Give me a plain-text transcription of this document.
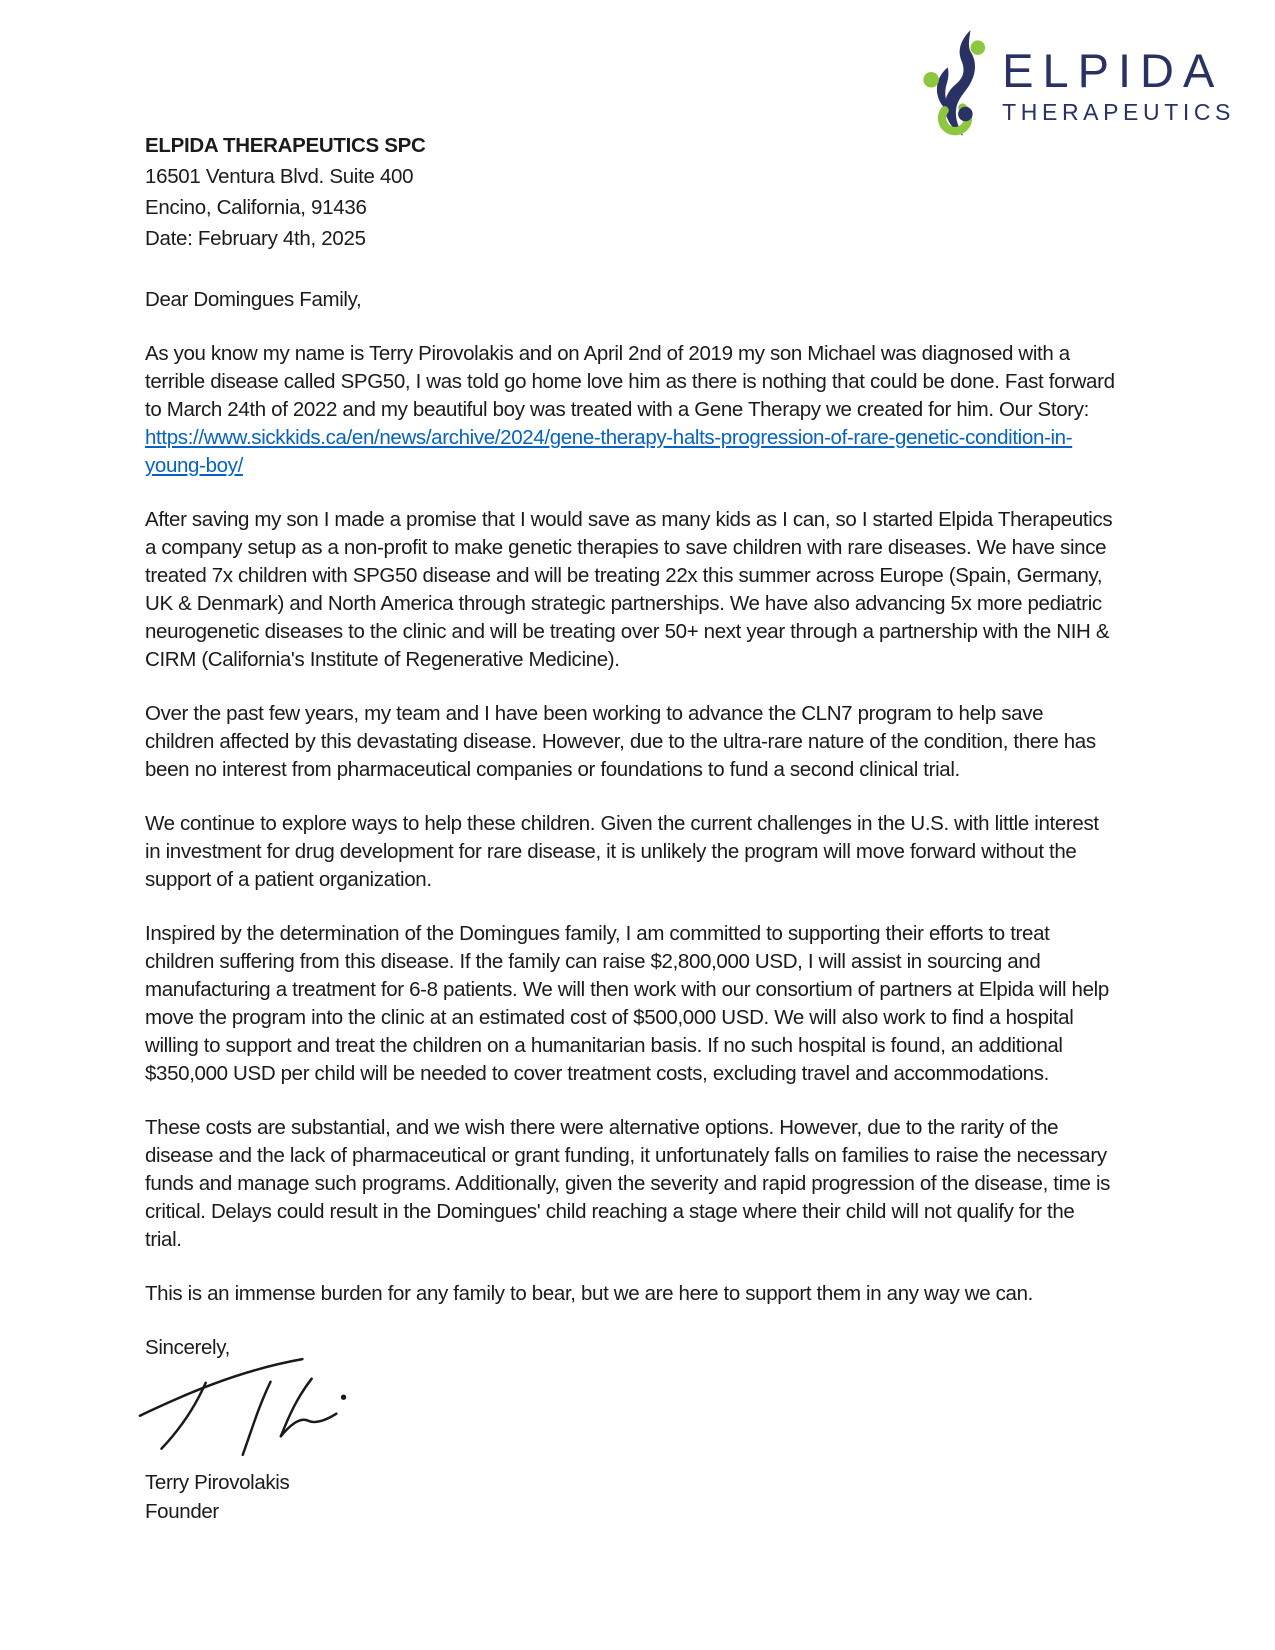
ELPIDA
THERAPEUTICS
ELPIDA THERAPEUTICS SPC
16501 Ventura Blvd. Suite 400
Encino, California, 91436
Date: February 4th, 2025

Dear Domingues Family,

As you know my name is Terry Pirovolakis and on April 2nd of 2019 my son Michael was diagnosed with a terrible disease called SPG50, I was told go home love him as there is nothing that could be done. Fast forward to March 24th of 2022 and my beautiful boy was treated with a Gene Therapy we created for him. Our Story: https://www.sickkids.ca/en/news/archive/2024/gene-therapy-halts-progression-of-rare-genetic-condition-in-young-boy/

After saving my son I made a promise that I would save as many kids as I can, so I started Elpida Therapeutics a company setup as a non-profit to make genetic therapies to save children with rare diseases. We have since treated 7x children with SPG50 disease and will be treating 22x this summer across Europe (Spain, Germany, UK & Denmark) and North America through strategic partnerships. We have also advancing 5x more pediatric neurogenetic diseases to the clinic and will be treating over 50+ next year through a partnership with the NIH & CIRM (California's Institute of Regenerative Medicine).

Over the past few years, my team and I have been working to advance the CLN7 program to help save children affected by this devastating disease. However, due to the ultra-rare nature of the condition, there has been no interest from pharmaceutical companies or foundations to fund a second clinical trial.

We continue to explore ways to help these children. Given the current challenges in the U.S. with little interest in investment for drug development for rare disease, it is unlikely the program will move forward without the support of a patient organization.

Inspired by the determination of the Domingues family, I am committed to supporting their efforts to treat children suffering from this disease. If the family can raise $2,800,000 USD, I will assist in sourcing and manufacturing a treatment for 6-8 patients. We will then work with our consortium of partners at Elpida will help move the program into the clinic at an estimated cost of $500,000 USD. We will also work to find a hospital willing to support and treat the children on a humanitarian basis. If no such hospital is found, an additional $350,000 USD per child will be needed to cover treatment costs, excluding travel and accommodations.

These costs are substantial, and we wish there were alternative options. However, due to the rarity of the disease and the lack of pharmaceutical or grant funding, it unfortunately falls on families to raise the necessary funds and manage such programs. Additionally, given the severity and rapid progression of the disease, time is critical. Delays could result in the Domingues' child reaching a stage where their child will not qualify for the trial.

This is an immense burden for any family to bear, but we are here to support them in any way we can.

Sincerely,

Terry Pirovolakis
Founder
